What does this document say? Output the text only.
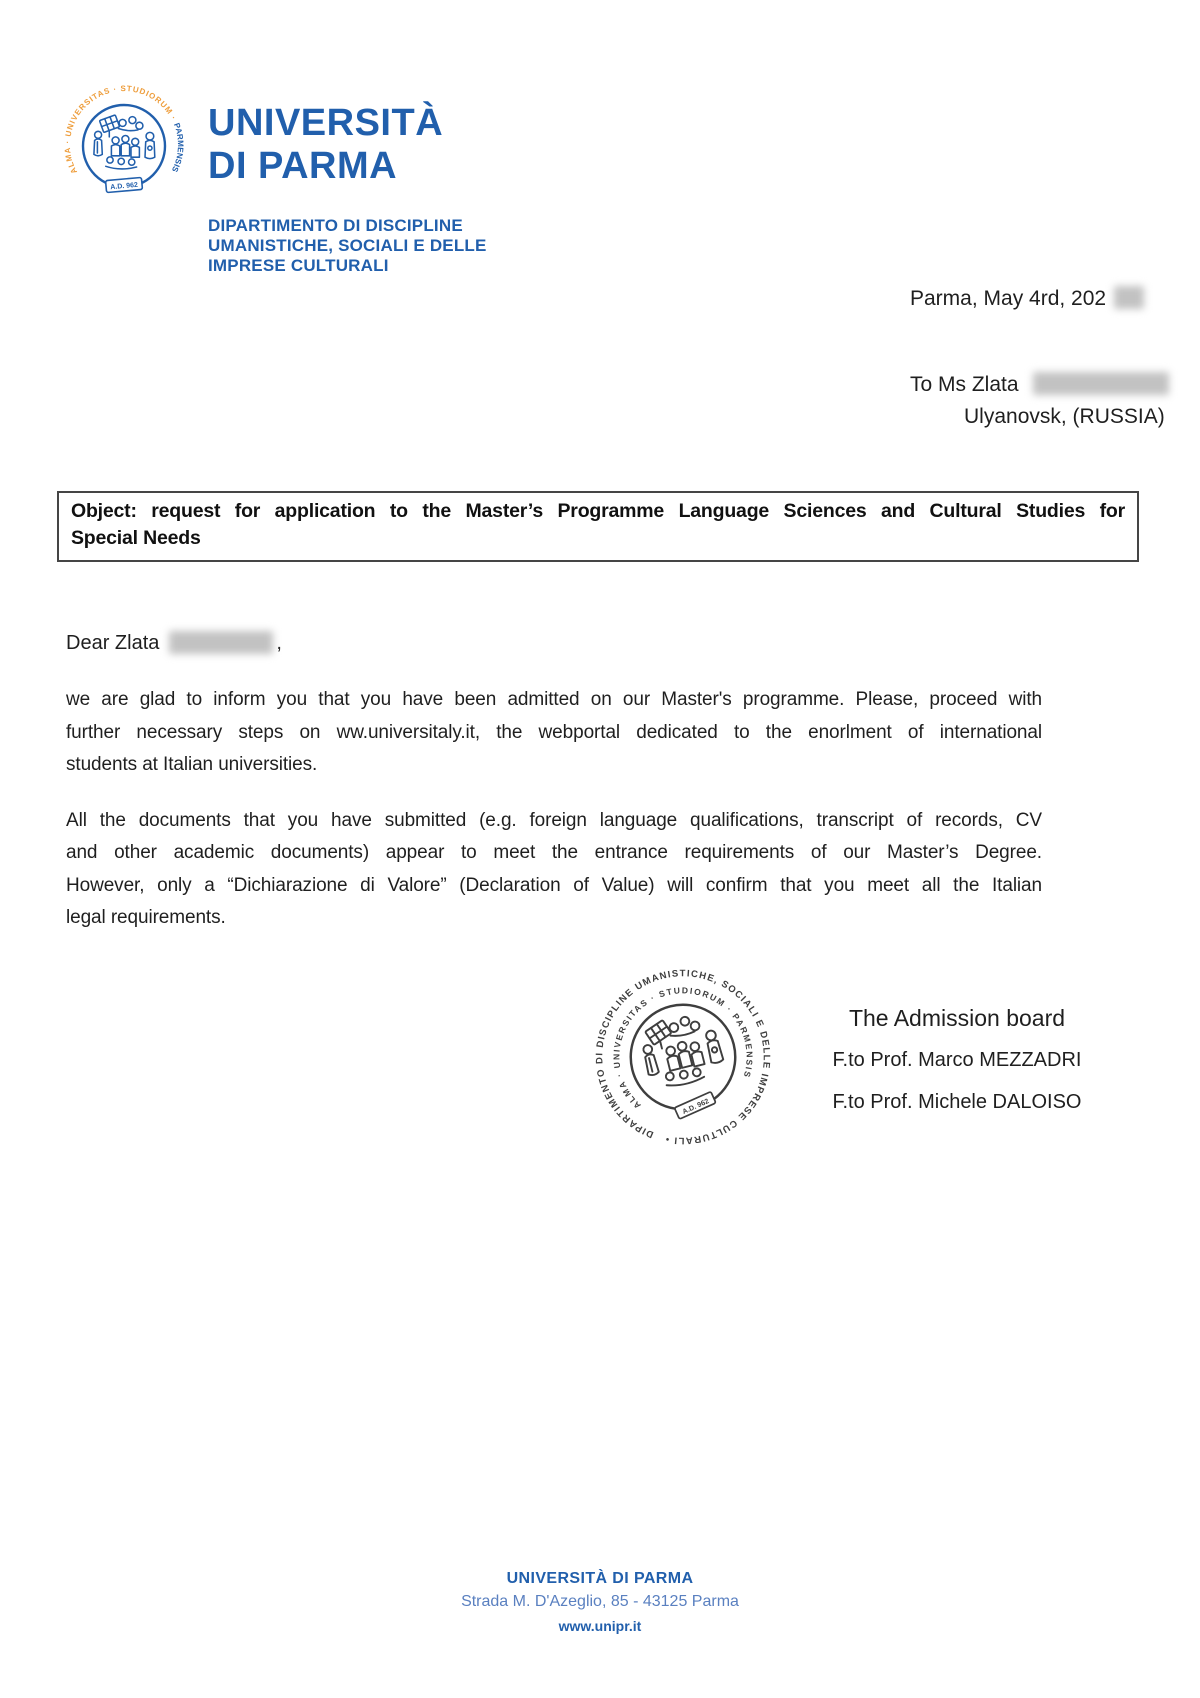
ALMA · UNIVERSITAS · STUDIORUM · PARMENSIS
A.D. 962
UNIVERSITÀ
DI PARMA
DIPARTIMENTO DI DISCIPLINE
UMANISTICHE, SOCIALI E DELLE
IMPRESE CULTURALI
Parma, May 4rd, 202
To Ms Zlata
Ulyanovsk, (RUSSIA)
Object: request for application to the Master’s Programme Language Sciences and Cultural Studies for
Special Needs
Dear Zlata	,
we are glad to inform you that you have been admitted on our Master's programme. Please, proceed with
further necessary steps on ww.universitaly.it, the webportal dedicated to the enorlment of international
students at Italian universities.
All the documents that you have submitted (e.g. foreign language qualifications, transcript of records, CV
and other academic documents) appear to meet the entrance requirements of our Master’s Degree.
However, only a “Dichiarazione di Valore” (Declaration of Value) will confirm that you meet all the Italian
legal requirements.
DIPARTIMENTO DI DISCIPLINE UMANISTICHE, SOCIALI E DELLE IMPRESE CULTURALI •
ALMA · UNIVERSITAS · STUDIORUM · PARMENSIS
A.D. 962
The Admission board
F.to Prof. Marco MEZZADRI
F.to Prof. Michele DALOISO
UNIVERSITÀ DI PARMA
Strada M. D'Azeglio, 85 - 43125 Parma
www.unipr.it
